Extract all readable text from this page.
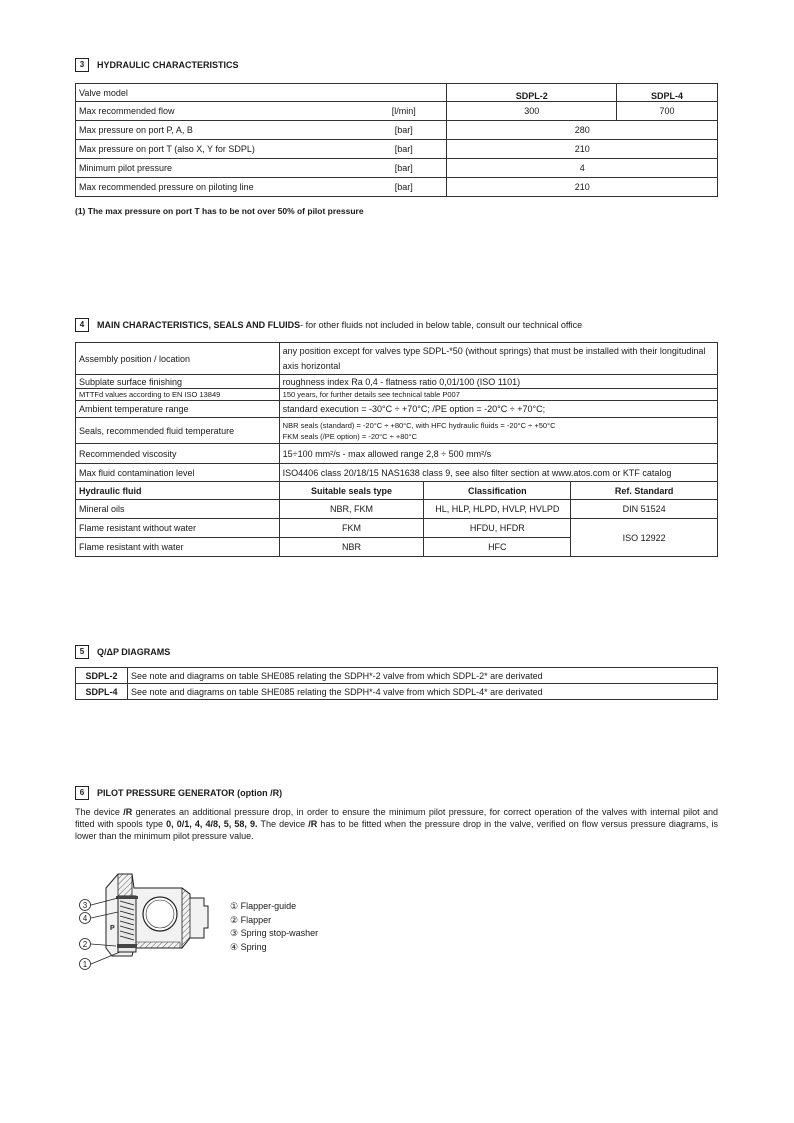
3	HYDRAULIC CHARACTERISTICS
Valve model		SDPL-2	SDPL-4
Max recommended flow	[l/min]	300	700
Max pressure on port P, A, B	[bar]	280	
Max pressure on port T (also X, Y for SDPL)	[bar]	210	
Minimum pilot pressure	[bar]	4	
Max recommended pressure on piloting line	[bar]	210	
(1) The max pressure on port T has to be not over 50% of pilot pressure
4	MAIN CHARACTERISTICS, SEALS AND FLUIDS - for other fluids not included in below table, consult our technical office
Assembly position / location	any position except for valves type SDPL-*50 (without springs) that must be installed with their longitudinal axis horizontal		
Subplate surface finishing	roughness index Ra 0,4 - flatness ratio 0,01/100 (ISO 1101)		
MTTFd values according to EN ISO 13849	150 years, for further details see technical table P007		
Ambient temperature range	standard execution = -30°C ÷ +70°C; /PE option = -20°C ÷ +70°C;		
Seals, recommended fluid temperature	NBR seals (standard) = -20°C ÷ +80°C, with HFC hydraulic fluids = -20°C ÷ +50°C
FKM seals (/PE option) = -20°C ÷ +80°C		

Recommended viscosity	15÷100 mm²/s - max allowed range 2,8 ÷ 500 mm²/s		
Max fluid contamination level	ISO4406 class 20/18/15 NAS1638 class 9, see also filter section at www.atos.com or KTF catalog		
Hydraulic fluid	Suitable seals type	Classification	Ref. Standard
Mineral oils	NBR, FKM	HL, HLP, HLPD, HVLP, HVLPD	DIN 51524
Flame resistant without water	FKM	HFDU, HFDR	ISO 12922
Flame resistant with water	NBR	HFC	
5	Q/ΔP DIAGRAMS
SDPL-2	See note and diagrams on table SHE085 relating the SDPH*-2 valve from which SDPL-2* are derivated
SDPL-4	See note and diagrams on table SHE085 relating the SDPH*-4 valve from which SDPL-4* are derivated
6	PILOT PRESSURE GENERATOR (option /R)
The device /R generates an additional pressure drop, in order to ensure the minimum pilot pressure, for correct operation of the valves with internal pilot and fitted with spools type 0, 0/1, 4, 4/8, 5, 58, 9. The device /R has to be fitted when the pressure drop in the valve, verified on flow versus pressure diagrams, is lower than the minimum pilot pressure value.
P
3
4
2
1
① Flapper-guide
② Flapper
③ Spring stop-washer
④ Spring
